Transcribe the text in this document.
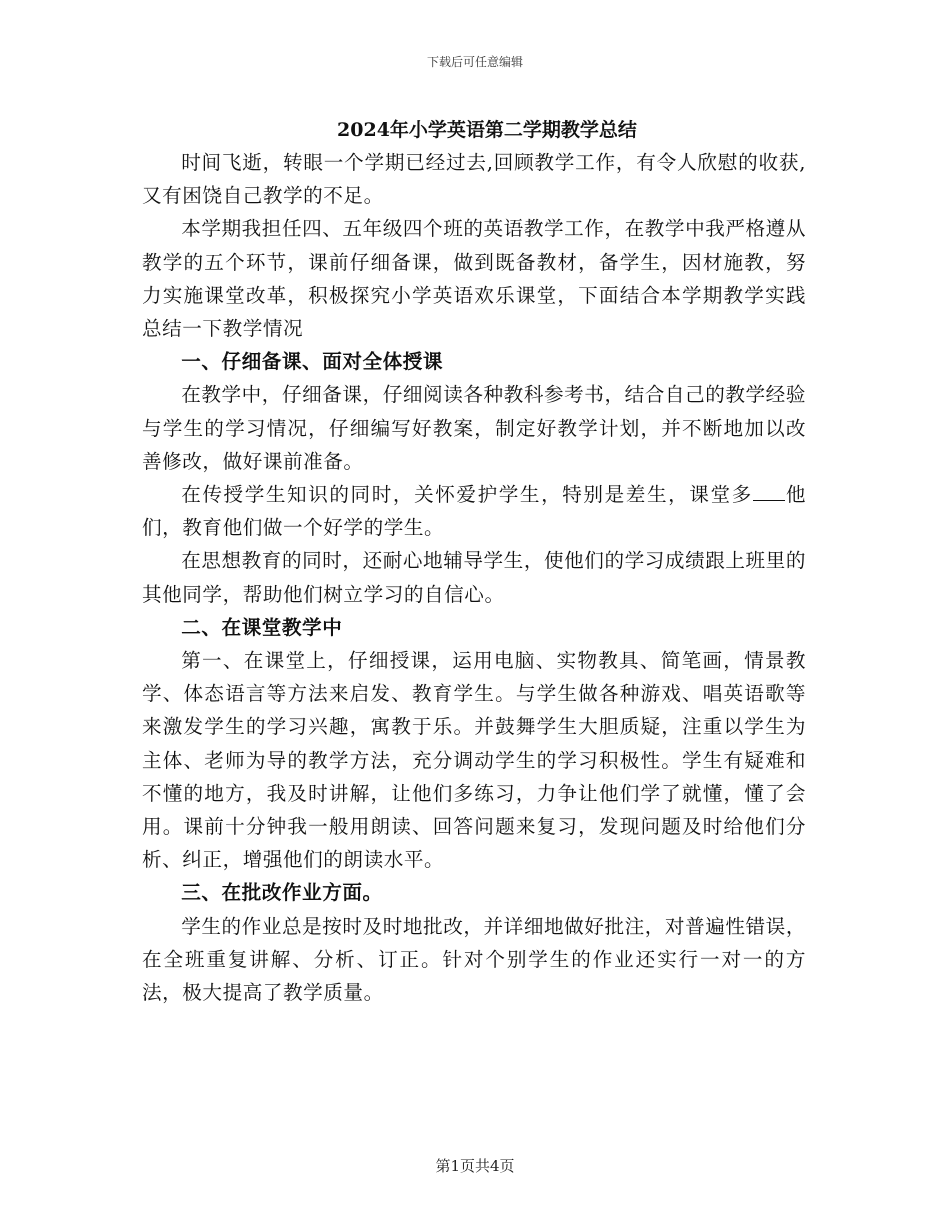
下载后可任意编辑
2024年小学英语第二学期教学总结

时间飞逝，转眼一个学期已经过去,回顾教学工作，有令人欣慰的收获,又有困饶自己教学的不足。

本学期我担任四、五年级四个班的英语教学工作，在教学中我严格遵从教学的五个环节，课前仔细备课，做到既备教材，备学生，因材施教，努力实施课堂改革，积极探究小学英语欢乐课堂，下面结合本学期教学实践总结一下教学情况

一、仔细备课、面对全体授课

在教学中，仔细备课，仔细阅读各种教科参考书，结合自己的教学经验与学生的学习情况，仔细编写好教案，制定好教学计划，并不断地加以改善修改，做好课前准备。

在传授学生知识的同时，关怀爱护学生，特别是差生，课堂多 他们，教育他们做一个好学的学生。

在思想教育的同时，还耐心地辅导学生，使他们的学习成绩跟上班里的其他同学，帮助他们树立学习的自信心。

二、在课堂教学中

第一、在课堂上，仔细授课，运用电脑、实物教具、简笔画，情景教学、体态语言等方法来启发、教育学生。与学生做各种游戏、唱英语歌等来激发学生的学习兴趣，寓教于乐。并鼓舞学生大胆质疑，注重以学生为主体、老师为导的教学方法，充分调动学生的学习积极性。学生有疑难和不懂的地方，我及时讲解，让他们多练习，力争让他们学了就懂，懂了会用。课前十分钟我一般用朗读、回答问题来复习，发现问题及时给他们分析、纠正，增强他们的朗读水平。

三、在批改作业方面。

学生的作业总是按时及时地批改，并详细地做好批注，对普遍性错误，在全班重复讲解、分析、订正。针对个别学生的作业还实行一对一的方法，极大提高了教学质量。

第1页共4页
